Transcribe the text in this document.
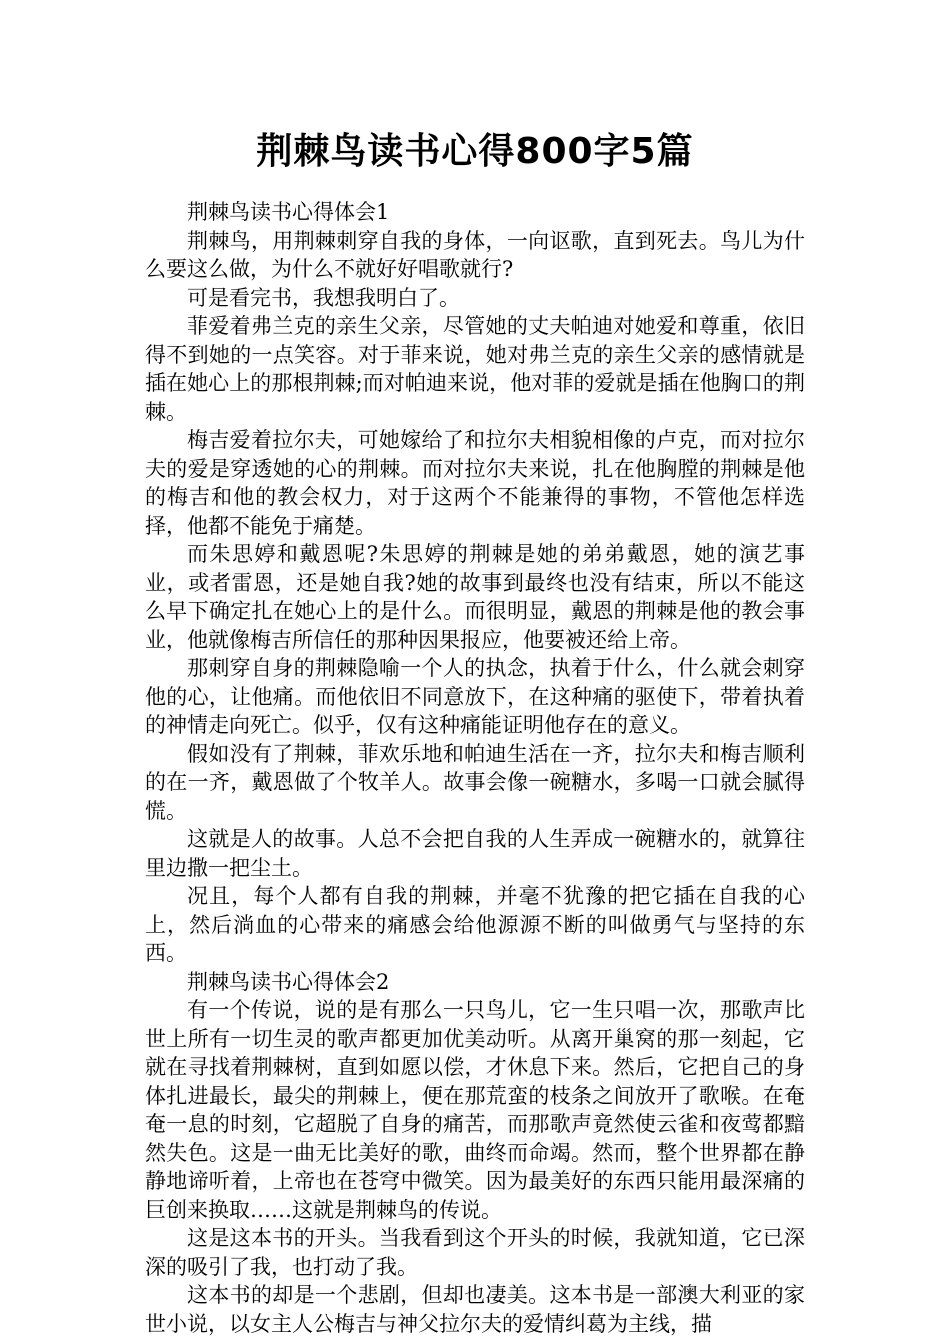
荆棘鸟读书心得800字5篇

荆棘鸟读书心得体会1

荆棘鸟，用荆棘刺穿自我的身体，一向讴歌，直到死去。鸟儿为什么要这么做，为什么不就好好唱歌就行?

可是看完书，我想我明白了。

菲爱着弗兰克的亲生父亲，尽管她的丈夫帕迪对她爱和尊重，依旧得不到她的一点笑容。对于菲来说，她对弗兰克的亲生父亲的感情就是插在她心上的那根荆棘;而对帕迪来说，他对菲的爱就是插在他胸口的荆棘。

梅吉爱着拉尔夫，可她嫁给了和拉尔夫相貌相像的卢克，而对拉尔夫的爱是穿透她的心的荆棘。而对拉尔夫来说，扎在他胸膛的荆棘是他的梅吉和他的教会权力，对于这两个不能兼得的事物，不管他怎样选择，他都不能免于痛楚。

而朱思婷和戴恩呢?朱思婷的荆棘是她的弟弟戴恩，她的演艺事业，或者雷恩，还是她自我?她的故事到最终也没有结束，所以不能这么早下确定扎在她心上的是什么。而很明显，戴恩的荆棘是他的教会事业，他就像梅吉所信任的那种因果报应，他要被还给上帝。

那刺穿自身的荆棘隐喻一个人的执念，执着于什么，什么就会刺穿他的心，让他痛。而他依旧不同意放下，在这种痛的驱使下，带着执着的神情走向死亡。似乎，仅有这种痛能证明他存在的意义。

假如没有了荆棘，菲欢乐地和帕迪生活在一齐，拉尔夫和梅吉顺利的在一齐，戴恩做了个牧羊人。故事会像一碗糖水，多喝一口就会腻得慌。

这就是人的故事。人总不会把自我的人生弄成一碗糖水的，就算往里边撒一把尘土。

况且，每个人都有自我的荆棘，并毫不犹豫的把它插在自我的心上，然后淌血的心带来的痛感会给他源源不断的叫做勇气与坚持的东西。

荆棘鸟读书心得体会2

有一个传说，说的是有那么一只鸟儿，它一生只唱一次，那歌声比世上所有一切生灵的歌声都更加优美动听。从离开巢窝的那一刻起，它就在寻找着荆棘树，直到如愿以偿，才休息下来。然后，它把自己的身体扎进最长，最尖的荆棘上，便在那荒蛮的枝条之间放开了歌喉。在奄奄一息的时刻，它超脱了自身的痛苦，而那歌声竟然使云雀和夜莺都黯然失色。这是一曲无比美好的歌，曲终而命竭。然而，整个世界都在静静地谛听着，上帝也在苍穹中微笑。因为最美好的东西只能用最深痛的巨创来换取……这就是荆棘鸟的传说。

这是这本书的开头。当我看到这个开头的时候，我就知道，它已深深的吸引了我，也打动了我。

这本书的却是一个悲剧，但却也凄美。这本书是一部澳大利亚的家世小说，以女主人公梅吉与神父拉尔夫的爱情纠葛为主线，描
